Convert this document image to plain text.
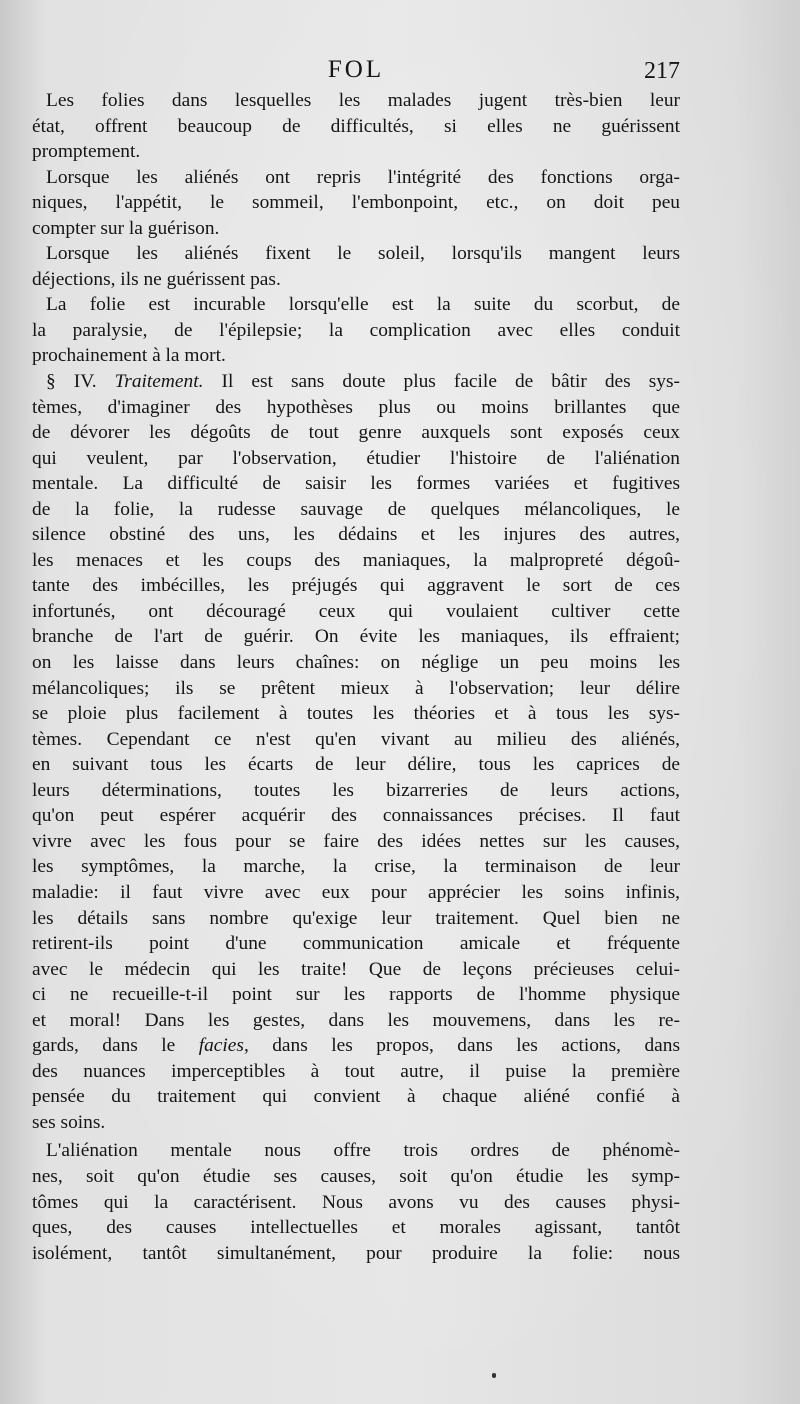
FOL	217
Les folies dans lesquelles les malades jugent très-bien leur
état, offrent beaucoup de difficultés, si elles ne guérissent
promptement.
Lorsque les aliénés ont repris l'intégrité des fonctions orga-
niques, l'appétit, le sommeil, l'embonpoint, etc., on doit peu
compter sur la guérison.
Lorsque les aliénés fixent le soleil, lorsqu'ils mangent leurs
déjections, ils ne guérissent pas.
La folie est incurable lorsqu'elle est la suite du scorbut, de
la paralysie, de l'épilepsie; la complication avec elles conduit
prochainement à la mort.
§ IV. Traitement. Il est sans doute plus facile de bâtir des sys-
tèmes, d'imaginer des hypothèses plus ou moins brillantes que
de dévorer les dégoûts de tout genre auxquels sont exposés ceux
qui veulent, par l'observation, étudier l'histoire de l'aliénation
mentale. La difficulté de saisir les formes variées et fugitives
de la folie, la rudesse sauvage de quelques mélancoliques, le
silence obstiné des uns, les dédains et les injures des autres,
les menaces et les coups des maniaques, la malpropreté dégoû-
tante des imbécilles, les préjugés qui aggravent le sort de ces
infortunés, ont découragé ceux qui voulaient cultiver cette
branche de l'art de guérir. On évite les maniaques, ils effraient;
on les laisse dans leurs chaînes: on néglige un peu moins les
mélancoliques; ils se prêtent mieux à l'observation; leur délire
se ploie plus facilement à toutes les théories et à tous les sys-
tèmes. Cependant ce n'est qu'en vivant au milieu des aliénés,
en suivant tous les écarts de leur délire, tous les caprices de
leurs déterminations, toutes les bizarreries de leurs actions,
qu'on peut espérer acquérir des connaissances précises. Il faut
vivre avec les fous pour se faire des idées nettes sur les causes,
les symptômes, la marche, la crise, la terminaison de leur
maladie: il faut vivre avec eux pour apprécier les soins infinis,
les détails sans nombre qu'exige leur traitement. Quel bien ne
retirent-ils point d'une communication amicale et fréquente
avec le médecin qui les traite! Que de leçons précieuses celui-
ci ne recueille-t-il point sur les rapports de l'homme physique
et moral! Dans les gestes, dans les mouvemens, dans les re-
gards, dans le facies, dans les propos, dans les actions, dans
des nuances imperceptibles à tout autre, il puise la première
pensée du traitement qui convient à chaque aliéné confié à
ses soins.
L'aliénation mentale nous offre trois ordres de phénomè-
nes, soit qu'on étudie ses causes, soit qu'on étudie les symp-
tômes qui la caractérisent. Nous avons vu des causes physi-
ques, des causes intellectuelles et morales agissant, tantôt
isolément, tantôt simultanément, pour produire la folie: nous
